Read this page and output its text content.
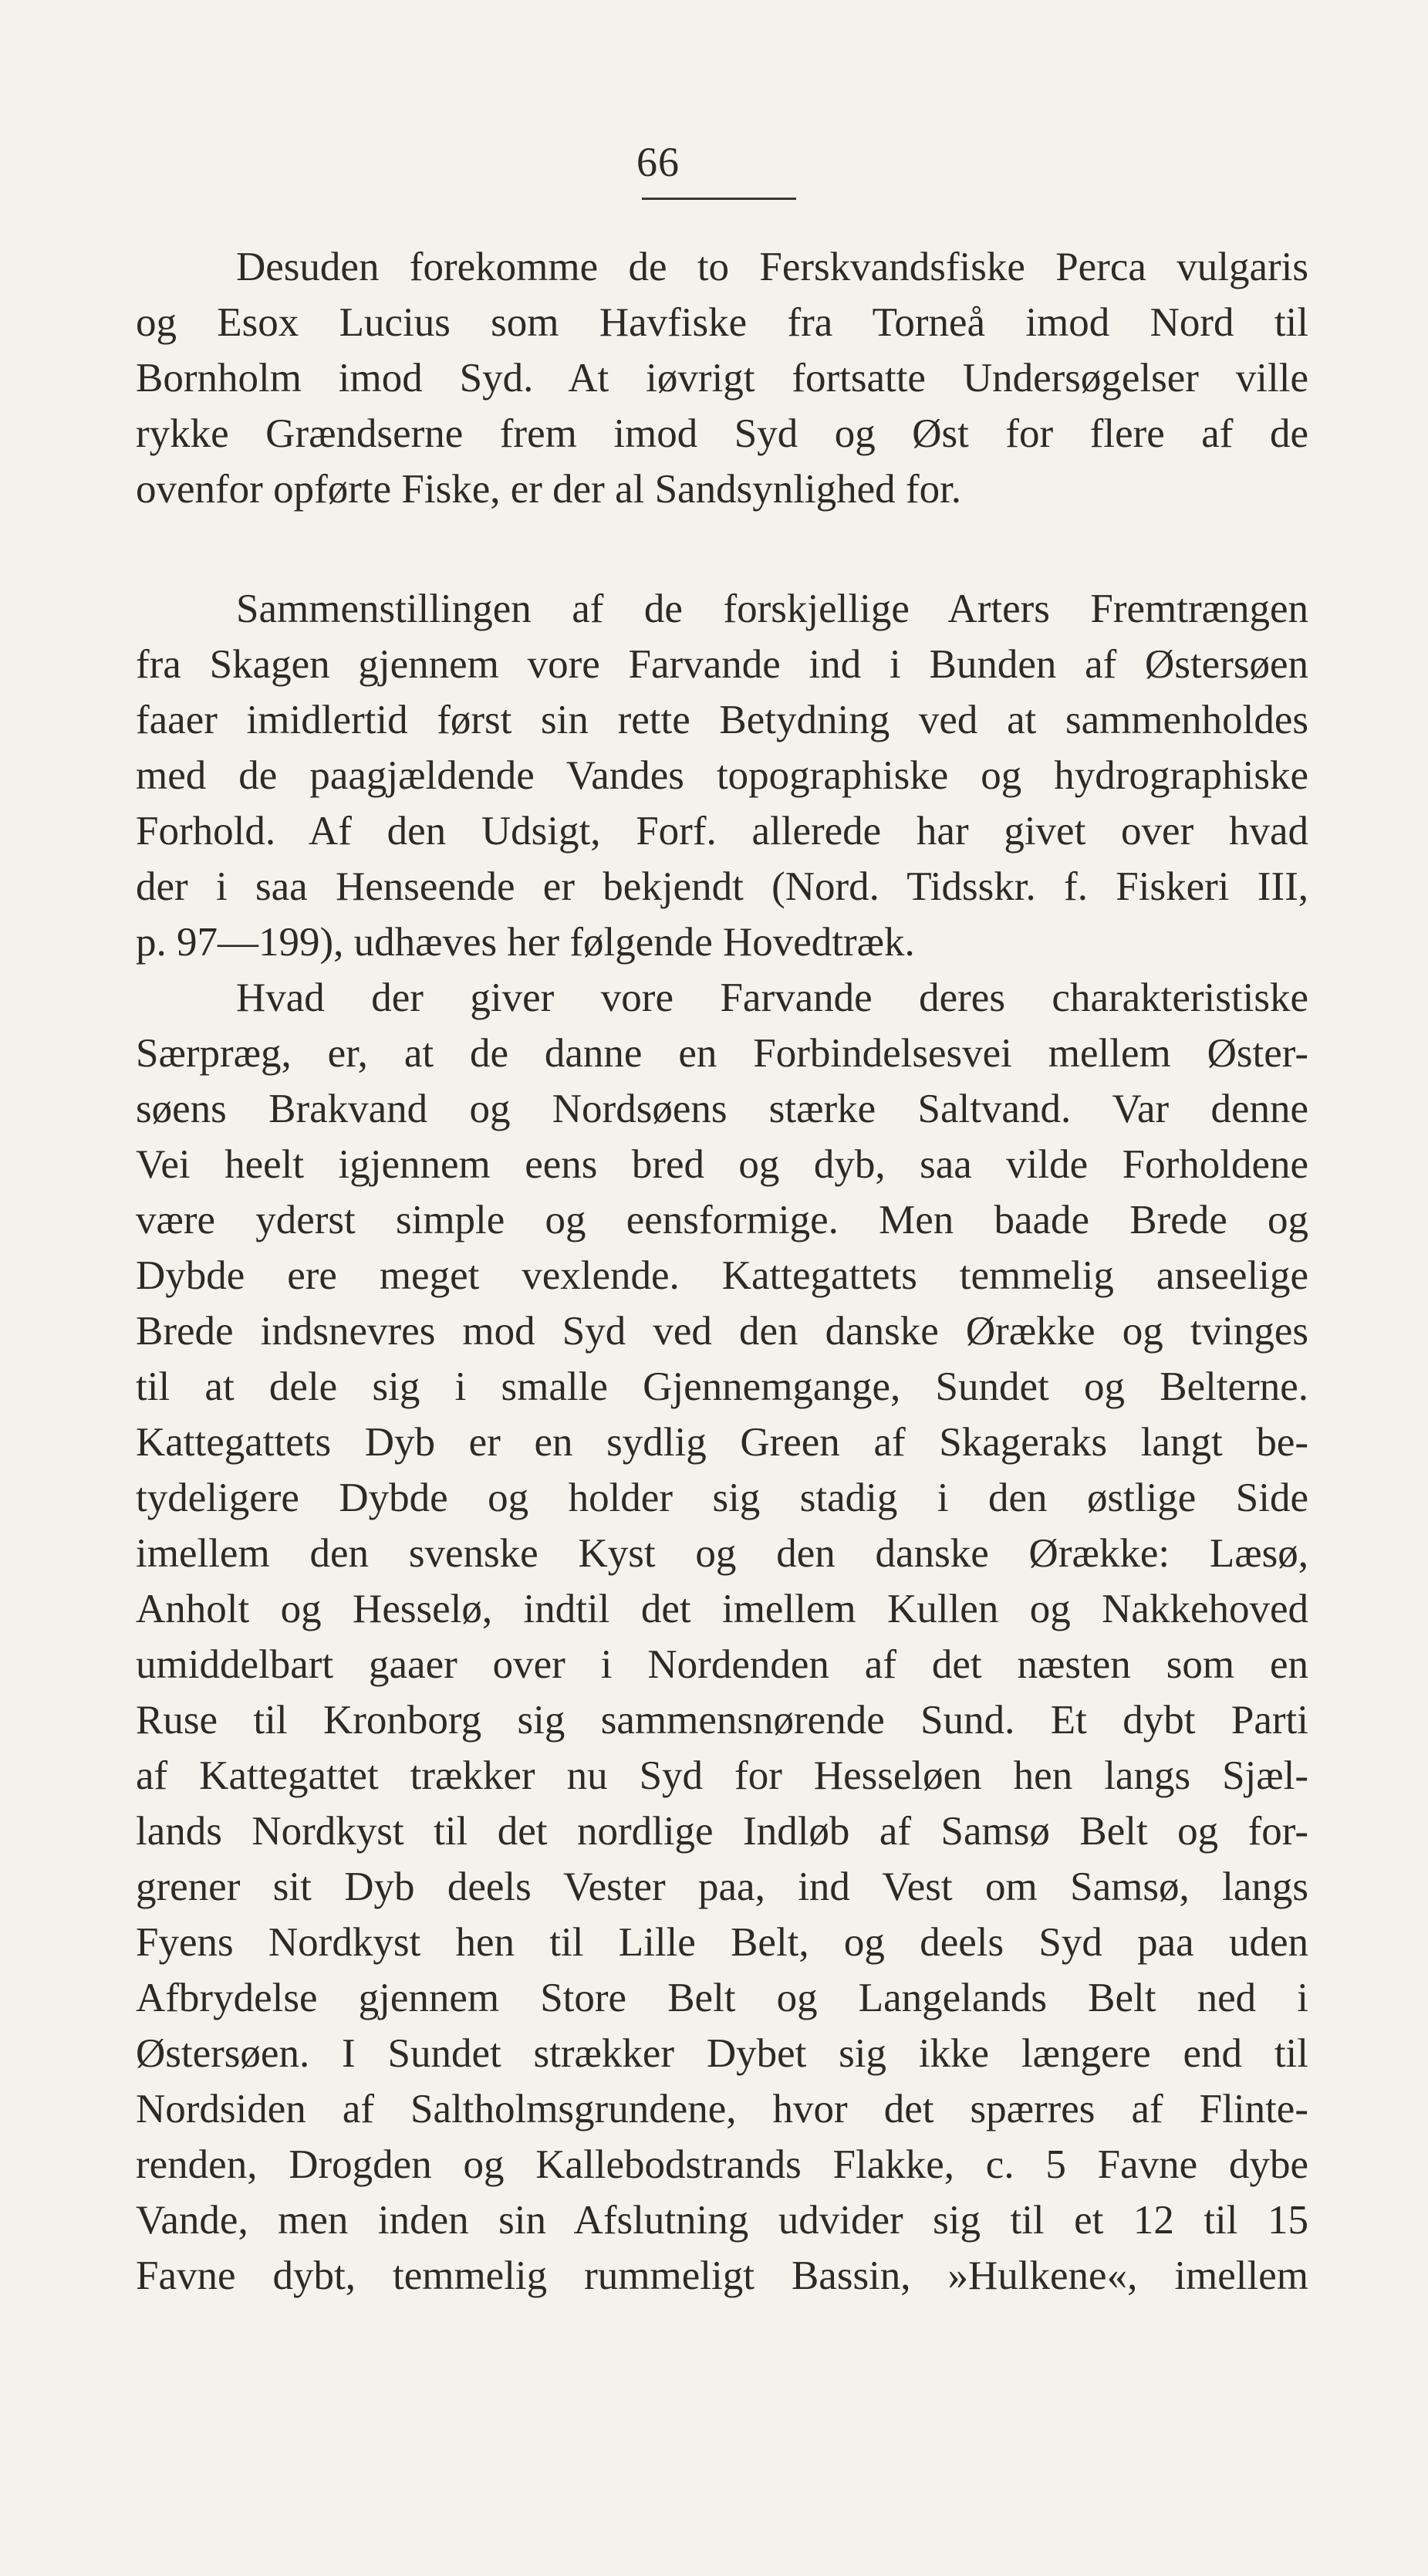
66
Desuden forekomme de to Ferskvandsfiske Perca vulgaris
og Esox Lucius som Havfiske fra Torneå imod Nord til
Bornholm imod Syd. At iøvrigt fortsatte Undersøgelser ville
rykke Grændserne frem imod Syd og Øst for flere af de
ovenfor opførte Fiske, er der al Sandsynlighed for.
Sammenstillingen af de forskjellige Arters Fremtrængen
fra Skagen gjennem vore Farvande ind i Bunden af Østersøen
faaer imidlertid først sin rette Betydning ved at sammenholdes
med de paagjældende Vandes topographiske og hydrographiske
Forhold. Af den Udsigt, Forf. allerede har givet over hvad
der i saa Henseende er bekjendt (Nord. Tidsskr. f. Fiskeri III,
p. 97—199), udhæves her følgende Hovedtræk.
Hvad der giver vore Farvande deres charakteristiske
Særpræg, er, at de danne en Forbindelsesvei mellem Øster-
søens Brakvand og Nordsøens stærke Saltvand. Var denne
Vei heelt igjennem eens bred og dyb, saa vilde Forholdene
være yderst simple og eensformige. Men baade Brede og
Dybde ere meget vexlende. Kattegattets temmelig anseelige
Brede indsnevres mod Syd ved den danske Ørække og tvinges
til at dele sig i smalle Gjennemgange, Sundet og Belterne.
Kattegattets Dyb er en sydlig Green af Skageraks langt be-
tydeligere Dybde og holder sig stadig i den østlige Side
imellem den svenske Kyst og den danske Ørække: Læsø,
Anholt og Hesselø, indtil det imellem Kullen og Nakkehoved
umiddelbart gaaer over i Nordenden af det næsten som en
Ruse til Kronborg sig sammensnørende Sund. Et dybt Parti
af Kattegattet trækker nu Syd for Hesseløen hen langs Sjæl-
lands Nordkyst til det nordlige Indløb af Samsø Belt og for-
grener sit Dyb deels Vester paa, ind Vest om Samsø, langs
Fyens Nordkyst hen til Lille Belt, og deels Syd paa uden
Afbrydelse gjennem Store Belt og Langelands Belt ned i
Østersøen. I Sundet strækker Dybet sig ikke længere end til
Nordsiden af Saltholmsgrundene, hvor det spærres af Flinte-
renden, Drogden og Kallebodstrands Flakke, c. 5 Favne dybe
Vande, men inden sin Afslutning udvider sig til et 12 til 15
Favne dybt, temmelig rummeligt Bassin, »Hulkene«, imellem
